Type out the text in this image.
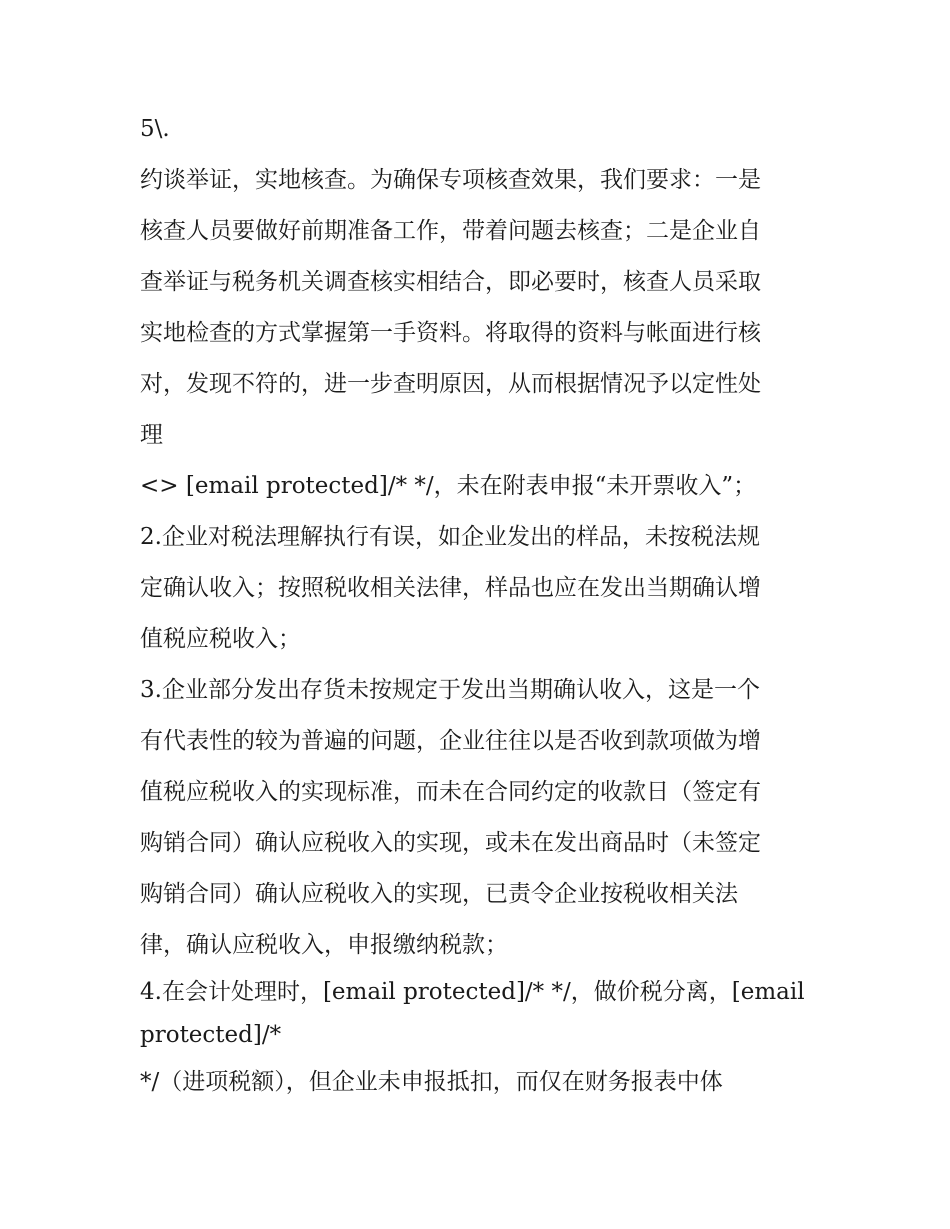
5\.
约谈举证，实地核查。为确保专项核查效果，我们要求：一是
核查人员要做好前期准备工作，带着问题去核查；二是企业自
查举证与税务机关调查核实相结合，即必要时，核查人员采取
实地检查的方式掌握第一手资料。将取得的资料与帐面进行核
对，发现不符的，进一步查明原因，从而根据情况予以定性处
理
<> [email protected]/* */，未在附表申报“未开票收入”；
2.企业对税法理解执行有误，如企业发出的样品，未按税法规
定确认收入；按照税收相关法律，样品也应在发出当期确认增
值税应税收入；
3.企业部分发出存货未按规定于发出当期确认收入，这是一个
有代表性的较为普遍的问题，企业往往以是否收到款项做为增
值税应税收入的实现标准，而未在合同约定的收款日（签定有
购销合同）确认应税收入的实现，或未在发出商品时（未签定
购销合同）确认应税收入的实现，已责令企业按税收相关法
律，确认应税收入，申报缴纳税款；
4.在会计处理时，[email protected]/* */，做价税分离，[email
protected]/*
*/（进项税额），但企业未申报抵扣，而仅在财务报表中体
